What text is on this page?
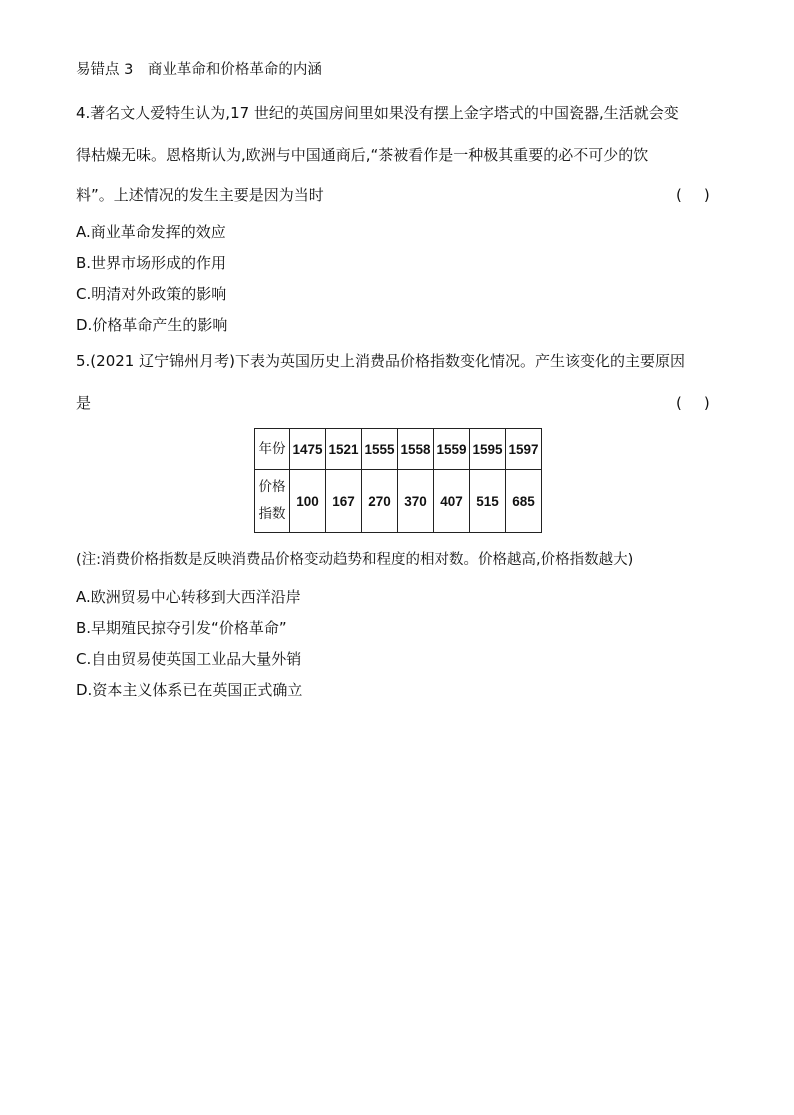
易错点 3　商业革命和价格革命的内涵
4.著名文人爱特生认为,17 世纪的英国房间里如果没有摆上金字塔式的中国瓷器,生活就会变
得枯燥无味。恩格斯认为,欧洲与中国通商后,“茶被看作是一种极其重要的必不可少的饮
料”。上述情况的发生主要是因为当时	( )
A.商业革命发挥的效应
B.世界市场形成的作用
C.明清对外政策的影响
D.价格革命产生的影响
5.(2021 辽宁锦州月考)下表为英国历史上消费品价格指数变化情况。产生该变化的主要原因
是	( )
年份	1475	1521	1555	1558	1559	1595	1597

价格
指数	100	167	270	370	407	515	685
(注:消费价格指数是反映消费品价格变动趋势和程度的相对数。价格越高,价格指数越大)
A.欧洲贸易中心转移到大西洋沿岸
B.早期殖民掠夺引发“价格革命”
C.自由贸易使英国工业品大量外销
D.资本主义体系已在英国正式确立
